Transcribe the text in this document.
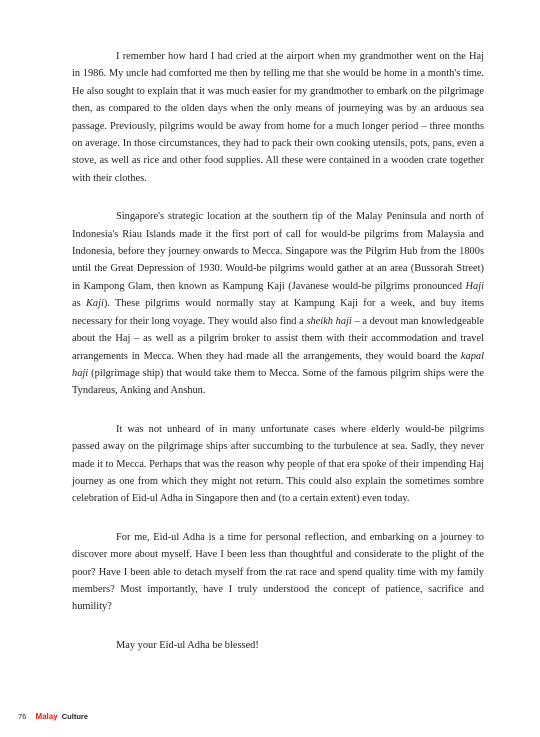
I remember how hard I had cried at the airport when my grandmother went on the Haj in 1986. My uncle had comforted me then by telling me that she would be home in a month's time. He also sought to explain that it was much easier for my grandmother to embark on the pilgrimage then, as compared to the olden days when the only means of journeying was by an arduous sea passage. Previously, pilgrims would be away from home for a much longer period – three months on average. In those circumstances, they had to pack their own cooking utensils, pots, pans, even a stove, as well as rice and other food supplies. All these were contained in a wooden crate together with their clothes.

Singapore's strategic location at the southern tip of the Malay Peninsula and north of Indonesia's Riau Islands made it the first port of call for would-be pilgrims from Malaysia and Indonesia, before they journey onwards to Mecca. Singapore was the Pilgrim Hub from the 1800s until the Great Depression of 1930. Would-be pilgrims would gather at an area (Bussorah Street) in Kampong Glam, then known as Kampung Kaji (Javanese would-be pilgrims pronounced Haji as Kaji). These pilgrims would normally stay at Kampung Kaji for a week, and buy items necessary for their long voyage. They would also find a sheikh haji – a devout man knowledgeable about the Haj – as well as a pilgrim broker to assist them with their accommodation and travel arrangements in Mecca. When they had made all the arrangements, they would board the kapal haji (pilgrimage ship) that would take them to Mecca. Some of the famous pilgrim ships were the Tyndareus, Anking and Anshun.

It was not unheard of in many unfortunate cases where elderly would-be pilgrims passed away on the pilgrimage ships after succumbing to the turbulence at sea. Sadly, they never made it to Mecca. Perhaps that was the reason why people of that era spoke of their impending Haj journey as one from which they might not return. This could also explain the sometimes sombre celebration of Eid-ul Adha in Singapore then and (to a certain extent) even today.

For me, Eid-ul Adha is a time for personal reflection, and embarking on a journey to discover more about myself. Have I been less than thoughtful and considerate to the plight of the poor? Have I been able to detach myself from the rat race and spend quality time with my family members? Most importantly, have I truly understood the concept of patience, sacrifice and humility?

May your Eid-ul Adha be blessed!

76 Malay Culture
